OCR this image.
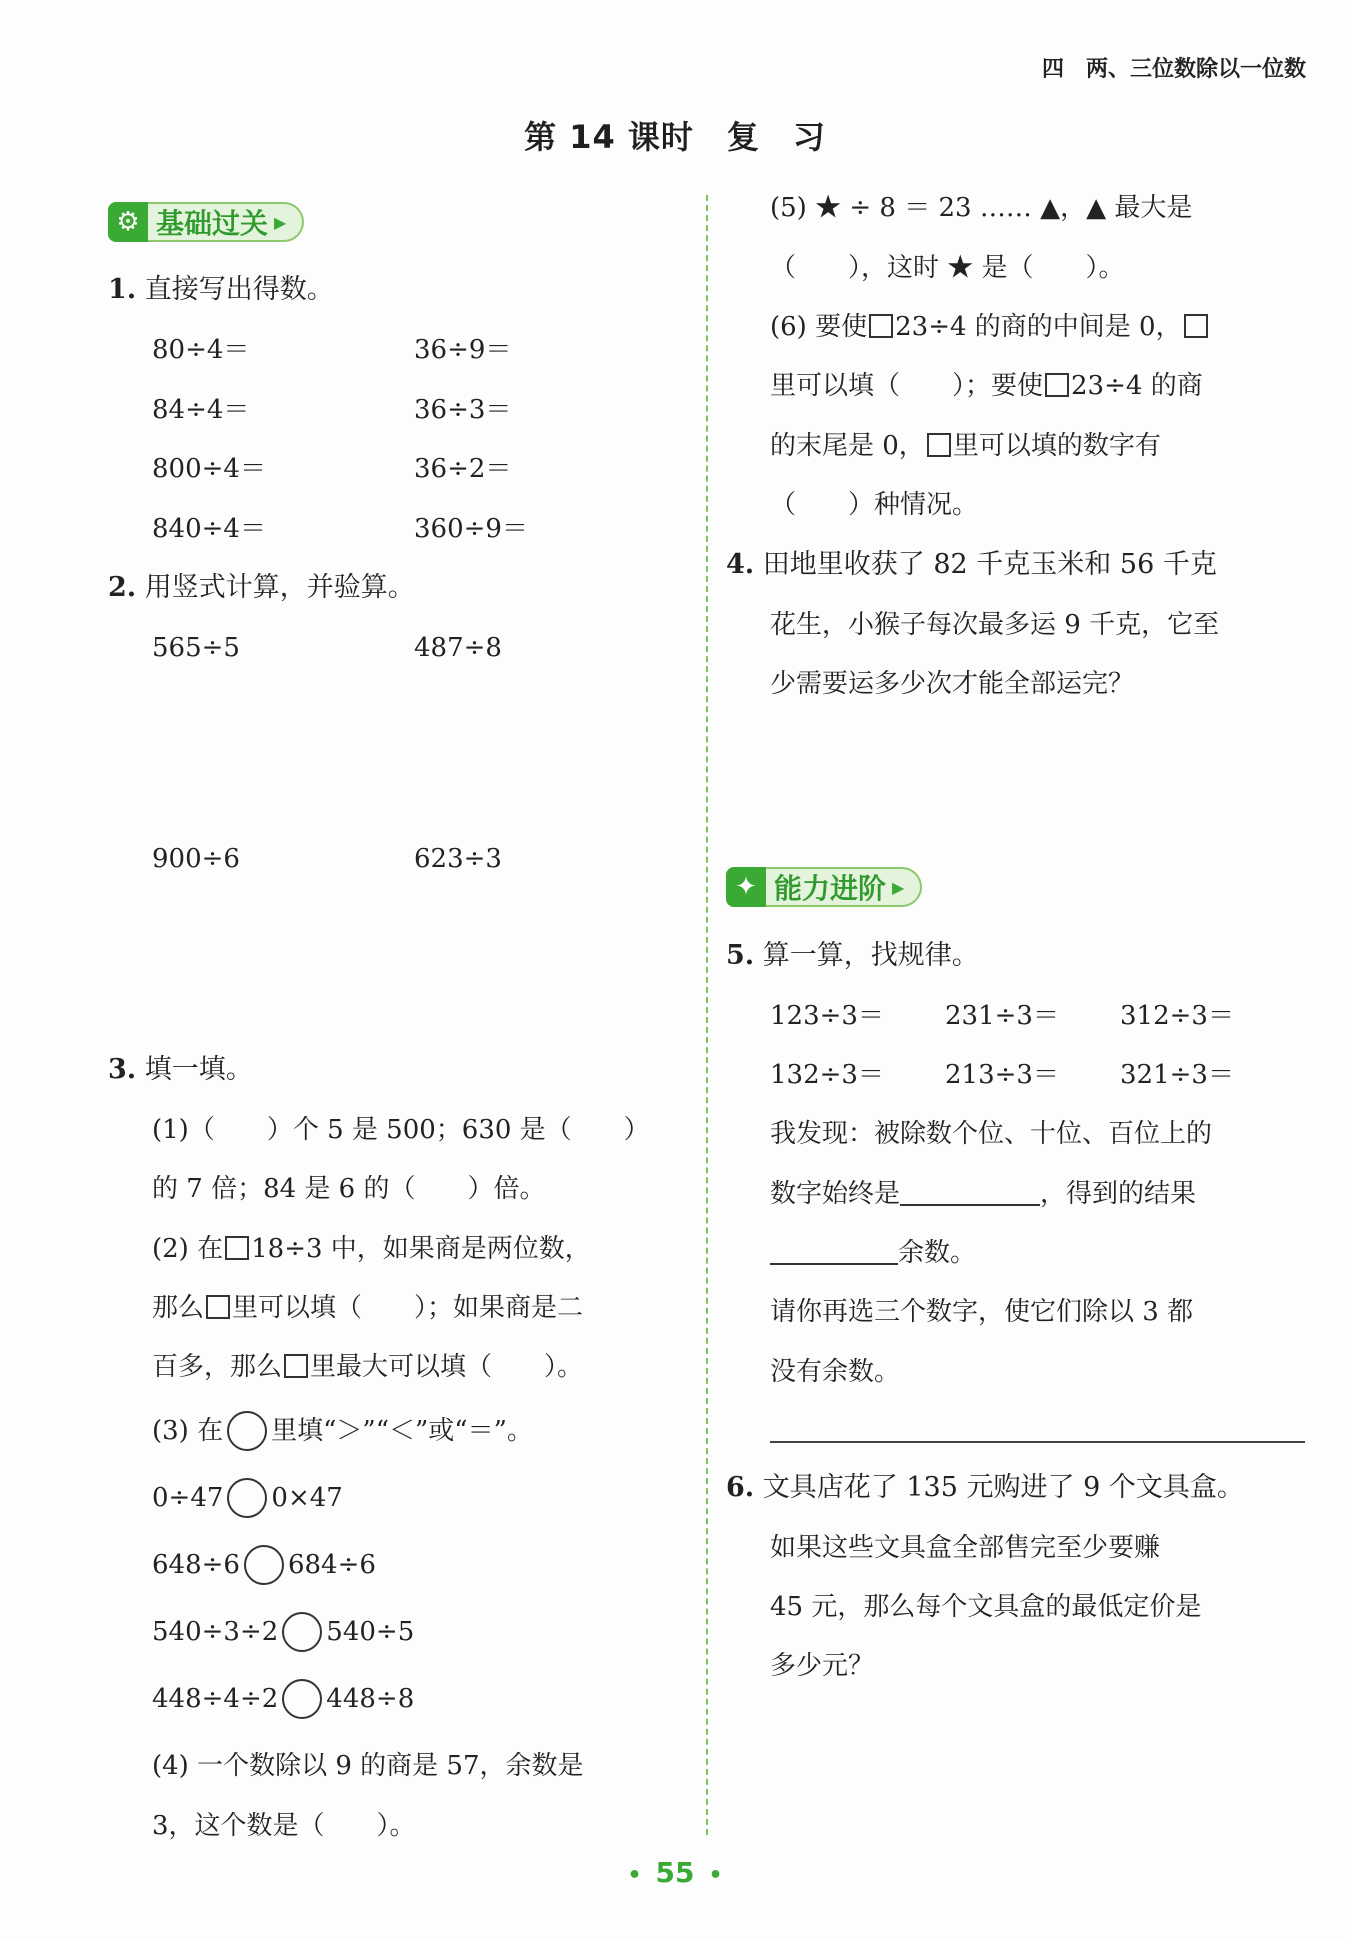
四　两、三位数除以一位数
第 14 课时　复　习
⚙ 基础过关 ▶
1. 直接写出得数。
80÷4＝	36÷9＝
84÷4＝	36÷3＝
800÷4＝	36÷2＝
840÷4＝	360÷9＝
2. 用竖式计算，并验算。
565÷5	487÷8
900÷6	623÷3
3. 填一填。
(1)（　　）个 5 是 500；630 是（　　）
的 7 倍；84 是 6 的（　　）倍。
(2) 在 18÷3 中，如果商是两位数，
那么 里可以填（　　）；如果商是二
百多，那么 里最大可以填（　　）。
(3) 在 里填“＞”“＜”或“＝”。
0÷47 0×47
648÷6 684÷6
540÷3÷2 540÷5
448÷4÷2 448÷8
(4) 一个数除以 9 的商是 57，余数是
3，这个数是（　　）。
(5) ★ ÷ 8 ＝ 23 …… ▲，▲ 最大是
（　　），这时 ★ 是（　　）。
(6) 要使 23÷4 的商的中间是 0，
里可以填（　　）；要使 23÷4 的商
的末尾是 0， 里可以填的数字有
（　　）种情况。
4. 田地里收获了 82 千克玉米和 56 千克
花生，小猴子每次最多运 9 千克，它至
少需要运多少次才能全部运完？
✦ 能力进阶 ▶
5. 算一算，找规律。
123÷3＝ 231÷3＝ 312÷3＝
132÷3＝ 213÷3＝ 321÷3＝
我发现：被除数个位、十位、百位上的
数字始终是	，得到的结果
余数。
请你再选三个数字，使它们除以 3 都
没有余数。
6. 文具店花了 135 元购进了 9 个文具盒。
如果这些文具盒全部售完至少要赚
45 元，那么每个文具盒的最低定价是
多少元？
• 55 •
